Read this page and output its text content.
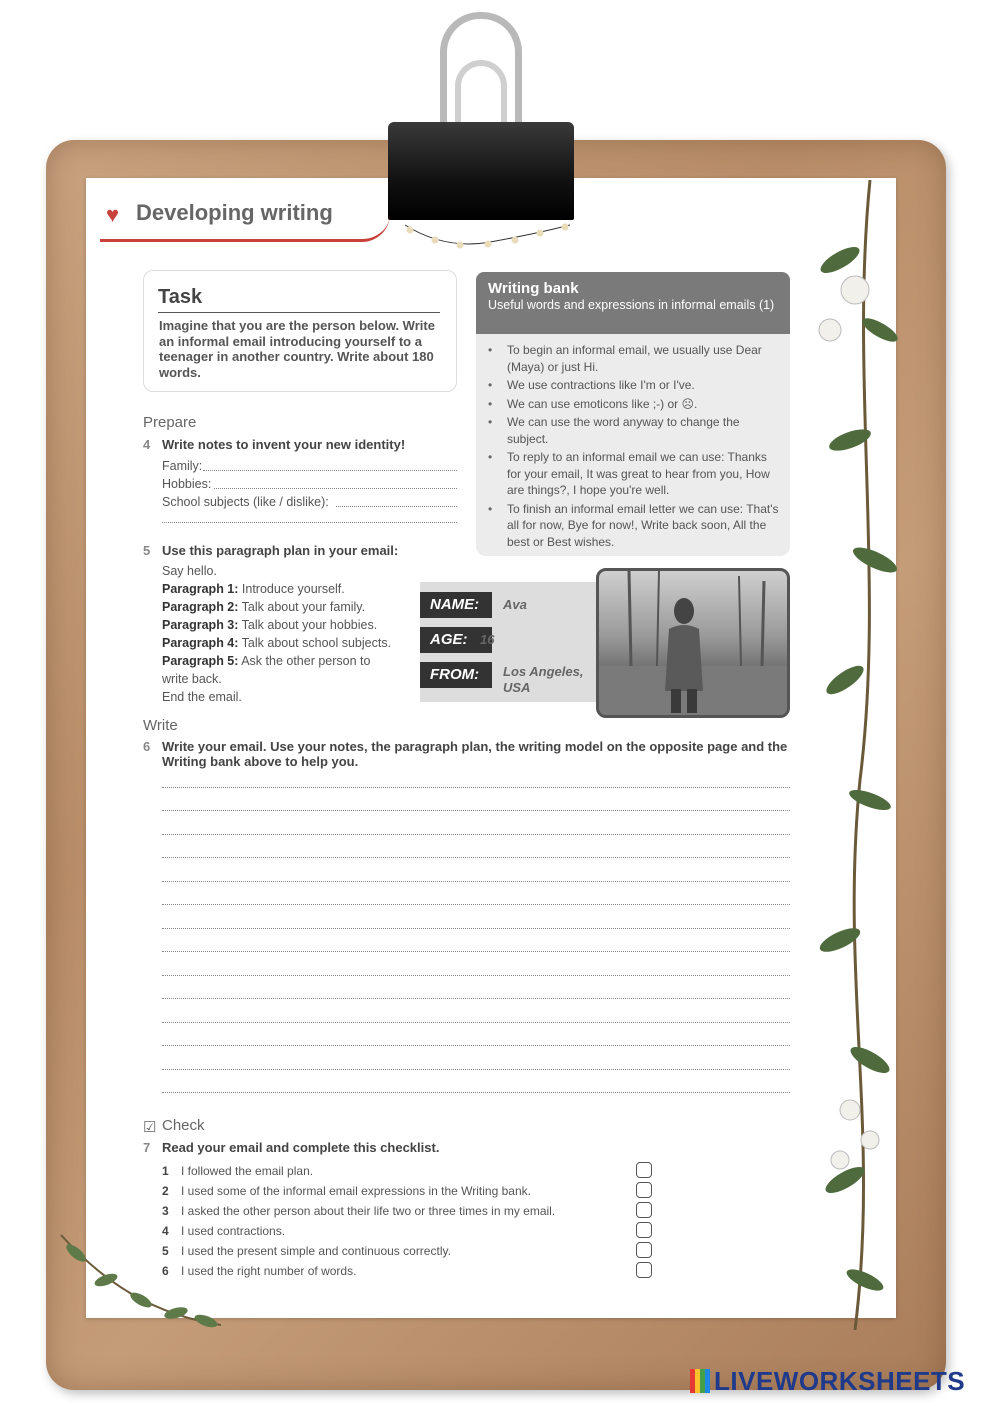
♥ Developing writing
Task
Imagine that you are the person below. Write an informal email introducing yourself to a teenager in another country. Write about 180 words.
Writing bank
Useful words and expressions in informal emails (1)
• To begin an informal email, we usually use Dear (Maya) or just Hi.
• We use contractions like I'm or I've.
• We can use emoticons like ;-) or ☹.
• We can use the word anyway to change the subject.
• To reply to an informal email we can use: Thanks for your email, It was great to hear from you, How are things?, I hope you're well.
• To finish an informal email letter we can use: That's all for now, Bye for now!, Write back soon, All the best or Best wishes.
Prepare
4 Write notes to invent your new identity!
Family:
Hobbies:
School subjects (like / dislike):
5 Use this paragraph plan in your email:
Say hello.
Paragraph 1: Introduce yourself.
Paragraph 2: Talk about your family.
Paragraph 3: Talk about your hobbies.
Paragraph 4: Talk about school subjects.
Paragraph 5: Ask the other person to write back.
End the email.
NAME:	Ava
AGE: 16
FROM:	Los Angeles, USA
Write
6 Write your email. Use your notes, the paragraph plan, the writing model on the opposite page and the Writing bank above to help you.
☑ Check
7 Read your email and complete this checklist.
1 I followed the email plan.
2 I used some of the informal email expressions in the Writing bank.
3 I asked the other person about their life two or three times in my email.
4 I used contractions.
5 I used the present simple and continuous correctly.
6 I used the right number of words.
LIVEWORKSHEETS
